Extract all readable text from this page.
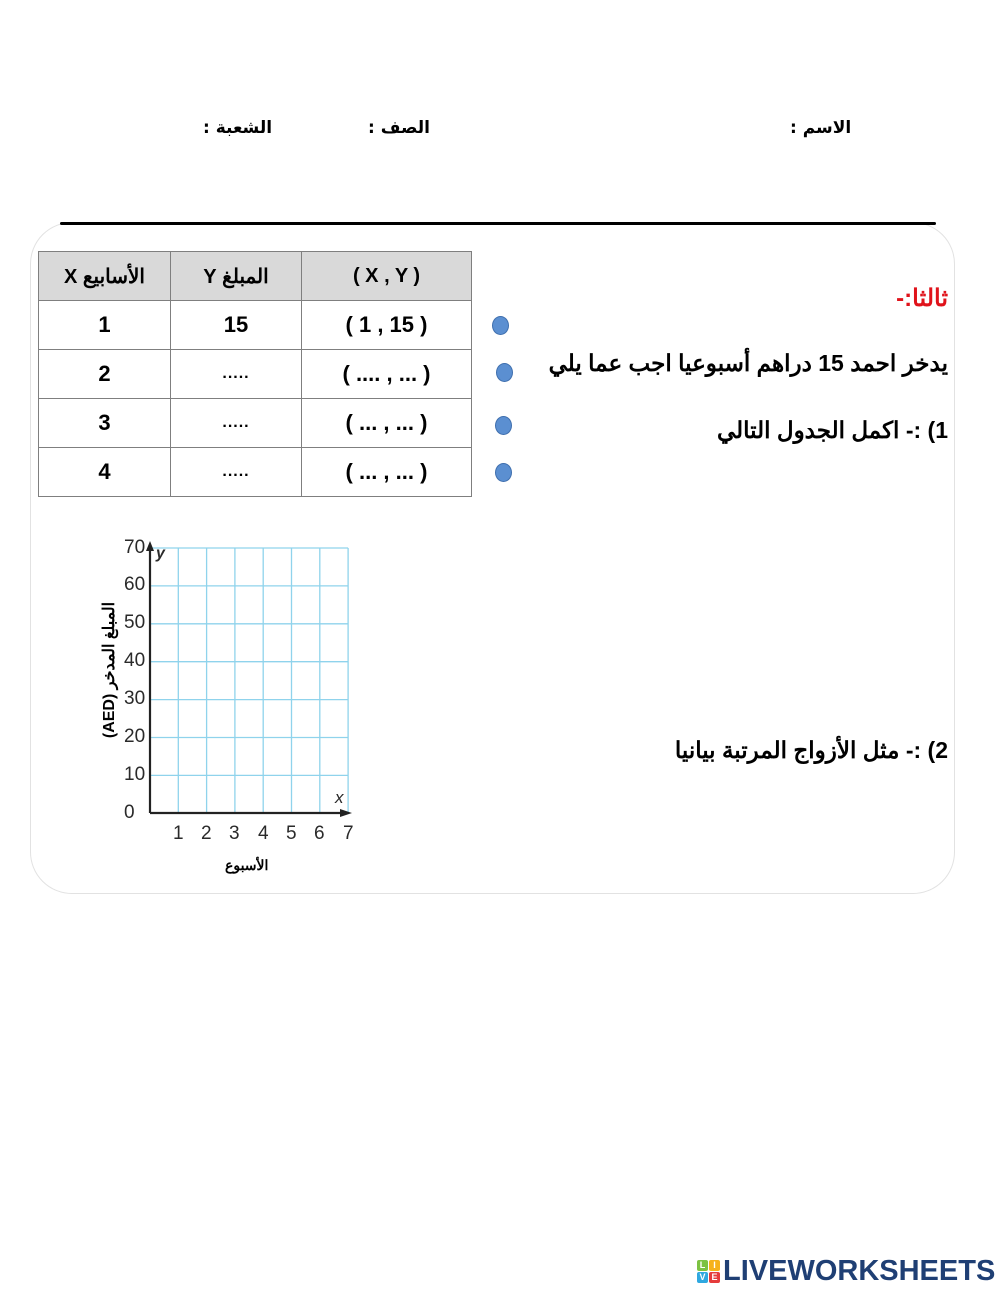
الاسم :
الصف :
الشعبة :
الأسابيع X	المبلغ Y	( X , Y )
1	15	( 1 , 15 )
2	.....	( .... , ... )
3	.....	( ... , ... )
4	.....	( ... , ... )
ثالثا:-
يدخر احمد 15 دراهم أسبوعيا اجب عما يلي
1) :- اكمل الجدول التالي
2) :- مثل الأزواج المرتبة بيانيا
y
x
0
10
20
30
40
50
60
70
1 2 3 4 5 6 7
الأسبوع
المبلغ المدخر (AED)
L I
V E LIVEWORKSHEETS
